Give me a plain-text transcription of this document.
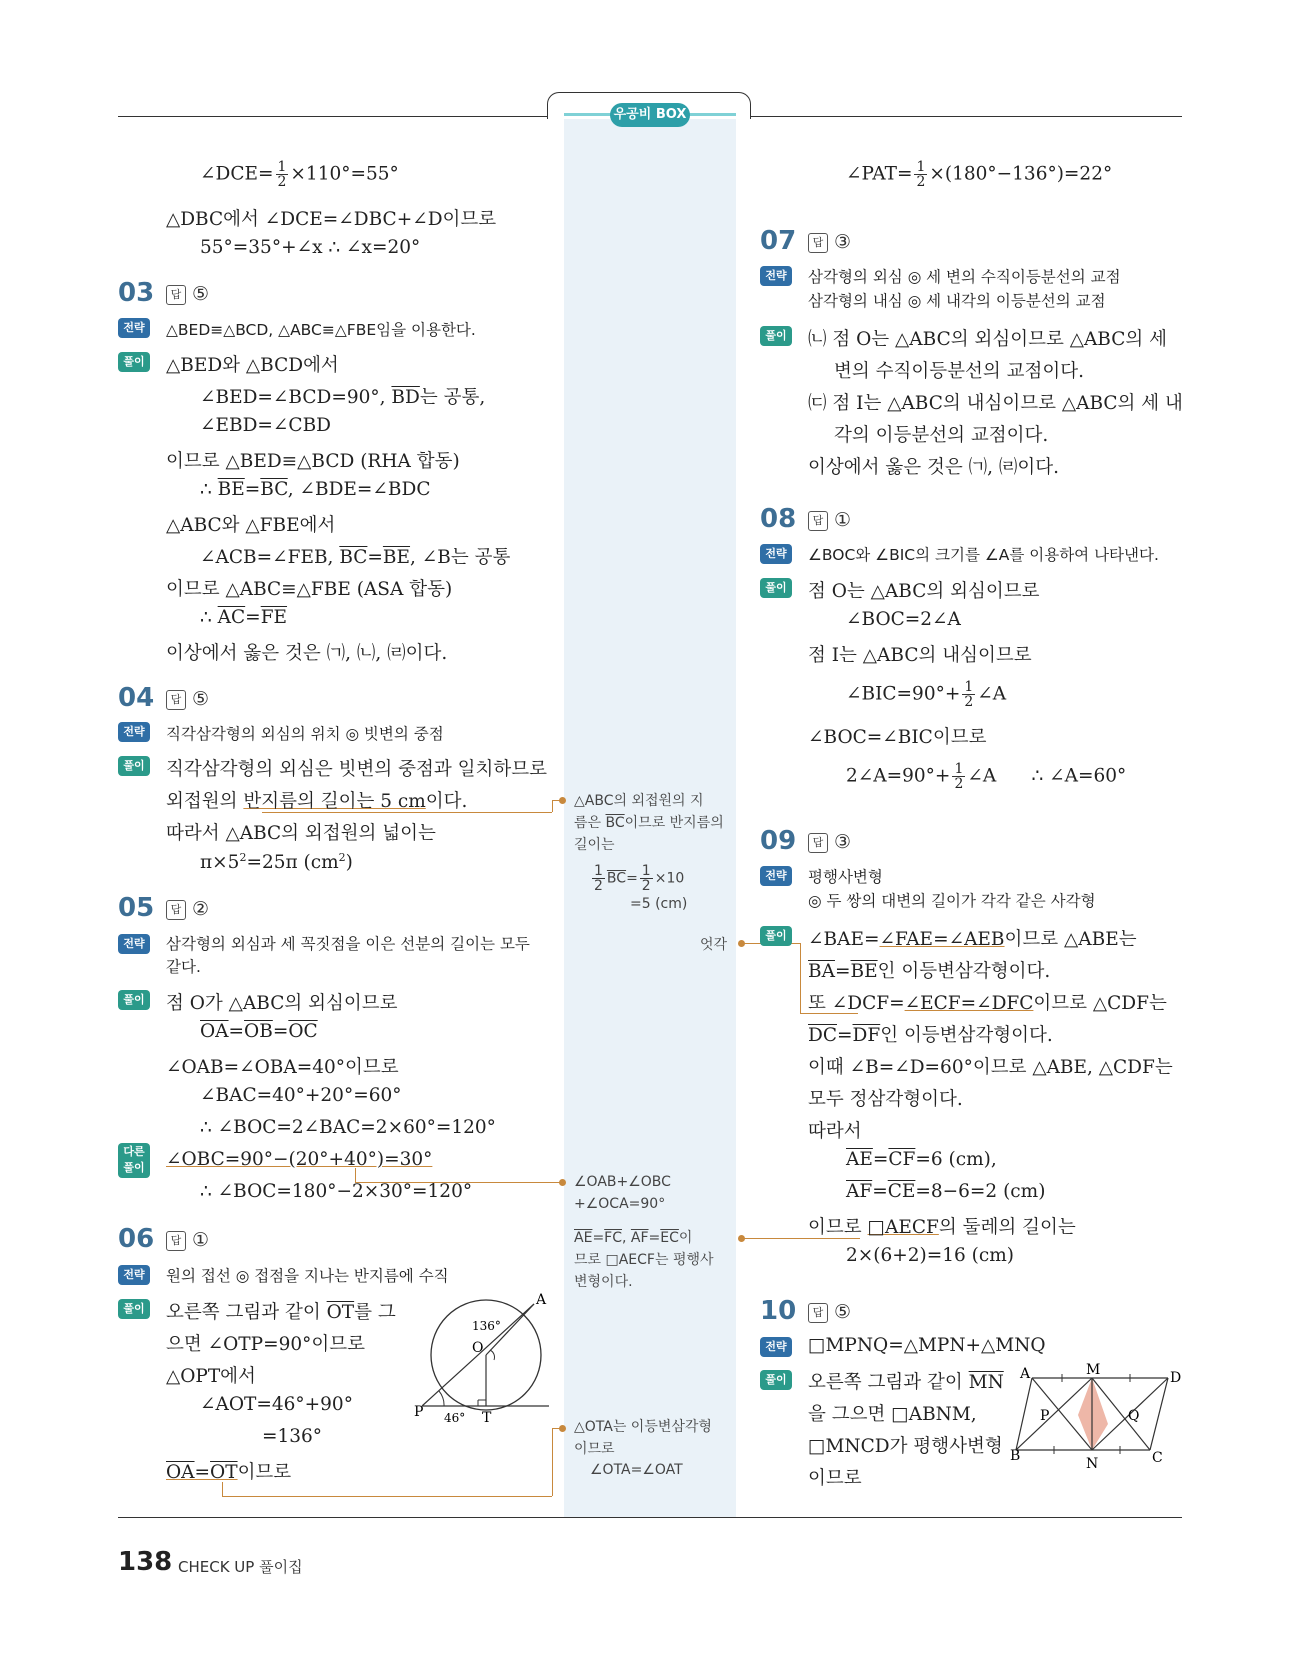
우공비 BOX
∠DCE= $\frac{1}{2} \times 110^\circ=55^\circ$
△DBC에서 ∠DCE=∠DBC+∠D이므로
55°=35°+∠x ∴ ∠x=20°
03	답 ⑤
전략	△BED≡△BCD, △ABC≡△FBE임을 이용한다.
풀이 △BED와 △BCD에서
∠BED=∠BCD=90°, $\overline{BD}$는 공통,
∠EBD=∠CBD
이므로 △BED≡△BCD (RHA 합동)
∴ $\overline{BE}=\overline{BC}$, ∠BDE=∠BDC
△ABC와 △FBE에서
∠ACB=∠FEB, $\overline{BC}=\overline{BE}$, ∠B는 공통
이므로 △ABC≡△FBE (ASA 합동)
∴ $\overline{AC}=\overline{FE}$
이상에서 옳은 것은 ㈀, ㈁, ㈃이다.
04	답 ⑤
전략	직각삼각형의 외심의 위치 ◎ 빗변의 중점
풀이 직각삼각형의 외심은 빗변의 중점과 일치하므로
외접원의 반지름의 길이는 5 cm이다.
따라서 △ABC의 외접원의 넓이는
$\pi\times 5^2=25\pi$ $(cm^2)$
05	답 ②
전략	삼각형의 외심과 세 꼭짓점을 이은 선분의 길이는 모두
같다.
풀이 점 O가 △ABC의 외심이므로
$\overline{OA}=\overline{OB}=\overline{OC}$
∠OAB=∠OBA=40°이므로
∠BAC=40°+20°=60°
∴ ∠BOC=2∠BAC=2×60°=120°
다른 풀이 ∠OBC=90°−(20°+40°)=30°
∴ ∠BOC=180°−2×30°=120°
06	답 ①
전략	원의 접선 ◎ 접점을 지나는 반지름에 수직
풀이 오른쪽 그림과 같이 $\overline{OT}$를 그
으면 ∠OTP=90°이므로
△OPT에서
∠AOT=46°+90°
=136°
OA=OT이므로
A
O
P	T
136°
46°
△ABC의 외접원의 지
름은 $\overline{BC}$이므로 반지름의
길이는
$\frac{1}{2} \overline{BC}= \frac{1}{2} \times 10$
=5 (cm)
엇각
∠OAB+∠OBC
+∠OCA=90°
$\overline{AE}=\overline{FC}$, $\overline{AF}=\overline{EC}$이
므로 □AECF는 평행사
변형이다.
△OTA는 이등변삼각형
이므로
∠OTA=∠OAT
∠PAT= $\frac{1}{2} \times(180^\circ-136^\circ)=22^\circ$
07	답 ③
전략	삼각형의 외심 ◎ 세 변의 수직이등분선의 교점
삼각형의 내심 ◎ 세 내각의 이등분선의 교점
풀이 ㈁ 점 O는 △ABC의 외심이므로 △ABC의 세
변의 수직이등분선의 교점이다.
㈂ 점 I는 △ABC의 내심이므로 △ABC의 세 내
각의 이등분선의 교점이다.
이상에서 옳은 것은 ㈀, ㈃이다.
08	답 ①
전략	∠BOC와 ∠BIC의 크기를 ∠A를 이용하여 나타낸다.
풀이 점 O는 △ABC의 외심이므로
∠BOC=2∠A
점 I는 △ABC의 내심이므로
∠BIC=90°+ $\frac{1}{2}$ ∠A
∠BOC=∠BIC이므로
2∠A=90°+ $\frac{1}{2}$ ∠A      ∴ ∠A=60°
09	답 ③
전략	평행사변형
◎ 두 쌍의 대변의 길이가 각각 같은 사각형
풀이 ∠BAE=∠FAE=∠AEB이므로 △ABE는
$\overline{BA}=\overline{BE}$인 이등변삼각형이다.
또 ∠DCF=∠ECF=∠DFC이므로 △CDF는
$\overline{DC}=\overline{DF}$인 이등변삼각형이다.
이때 ∠B=∠D=60°이므로 △ABE, △CDF는
모두 정삼각형이다.
따라서
$\overline{AE}=\overline{CF}=6$ (cm),
$\overline{AF}=\overline{CE}=8-6=2$ (cm)
이므로 □AECF의 둘레의 길이는
2×(6+2)=16 (cm)
10	답 ⑤
전략 □MPNQ=△MPN+△MNQ
풀이 오른쪽 그림과 같이 $\overline{MN}$
을 그으면 □ABNM,
□MNCD가 평행사변형
이므로
A	M	D
P	Q
B	N	C
138 CHECK UP 풀이집
